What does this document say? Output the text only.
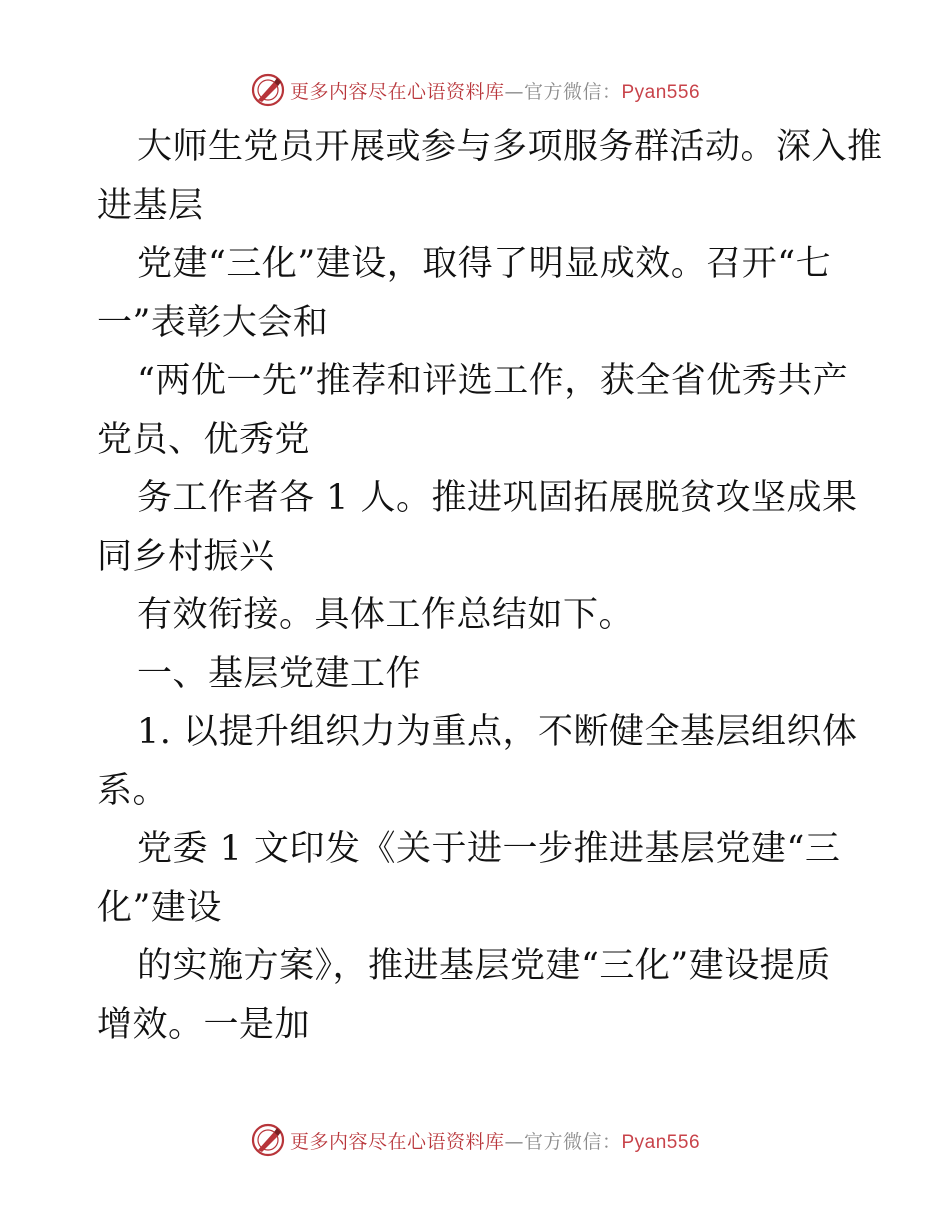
更多内容尽在心语资料库—官方微信：Pyan556
大师生党员开展或参与多项服务群活动。深入推
进基层
党建“三化”建设，取得了明显成效。召开“七
一”表彰大会和
“两优一先”推荐和评选工作，获全省优秀共产
党员、优秀党
务工作者各 1 人。推进巩固拓展脱贫攻坚成果
同乡村振兴
有效衔接。具体工作总结如下。
一、基层党建工作
1. 以提升组织力为重点，不断健全基层组织体
系。
党委 1 文印发《关于进一步推进基层党建“三
化”建设
的实施方案》，推进基层党建“三化”建设提质
增效。一是加
更多内容尽在心语资料库—官方微信：Pyan556
